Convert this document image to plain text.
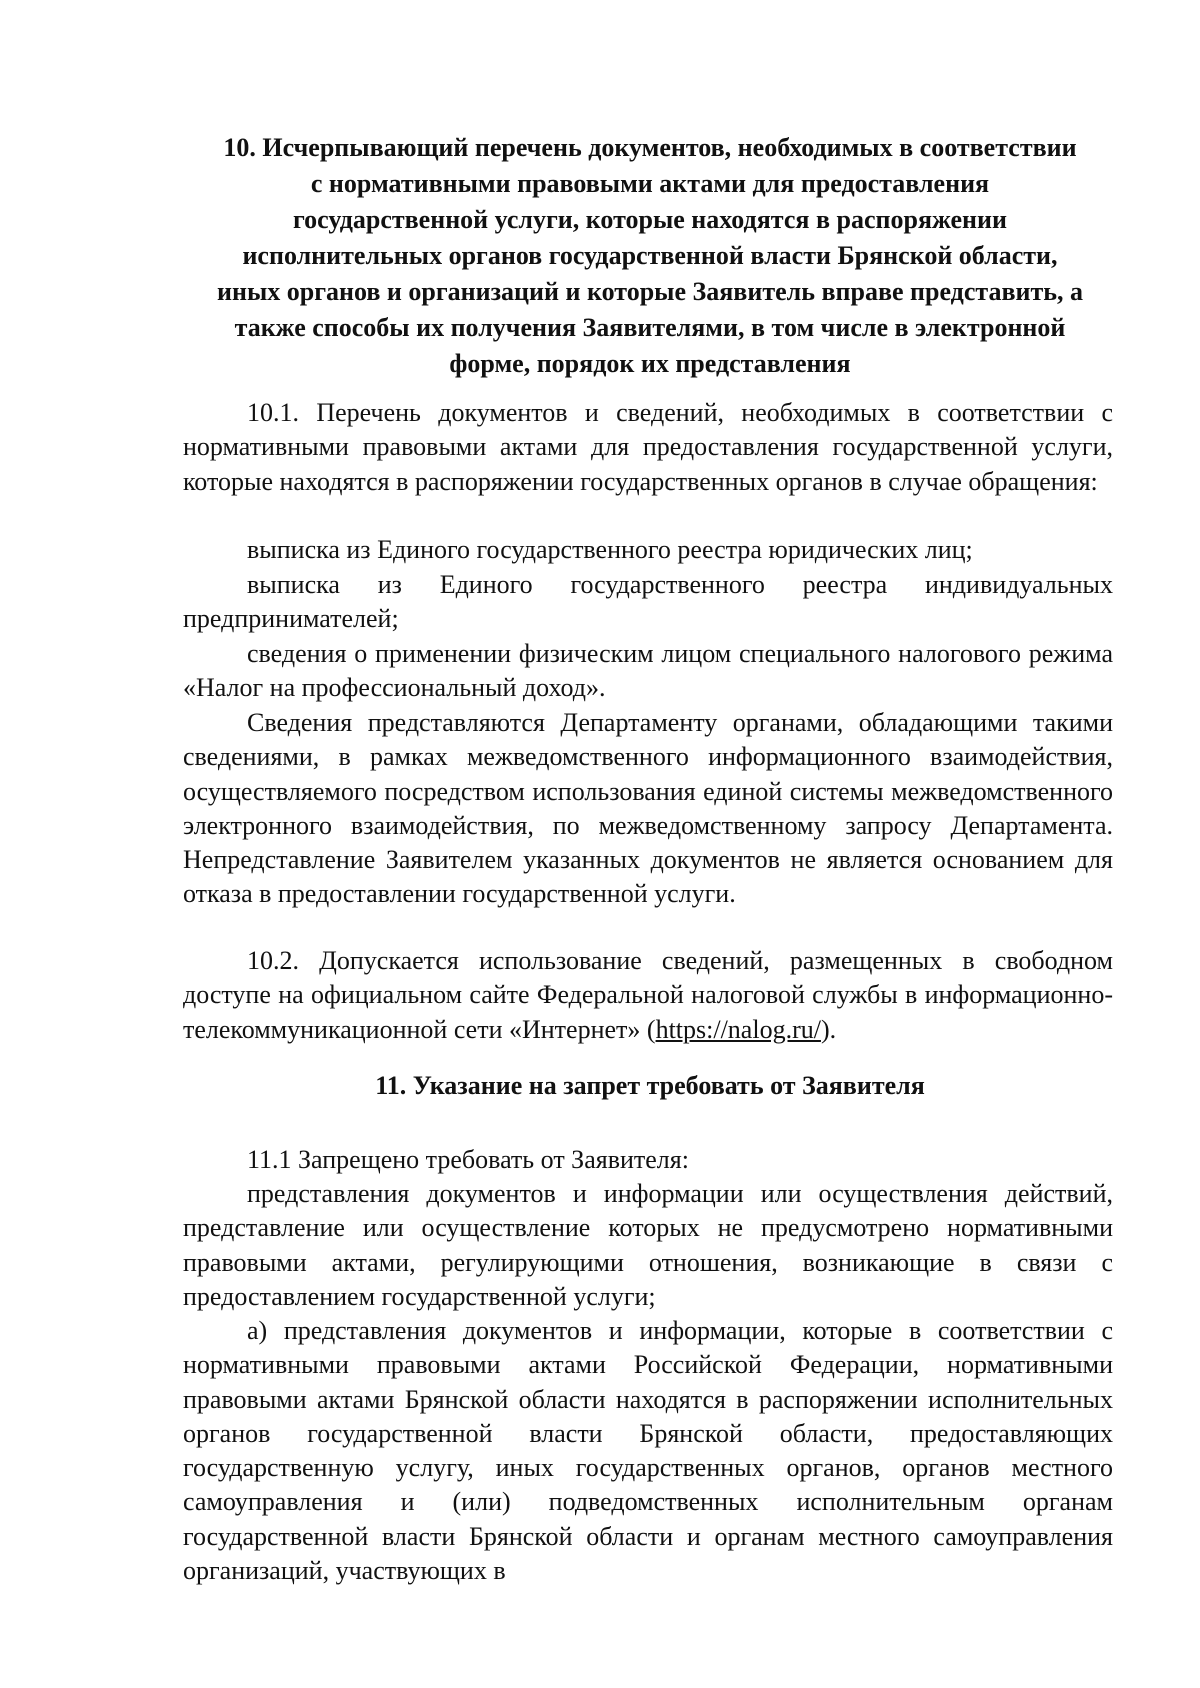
10. Исчерпывающий перечень документов, необходимых в соответствии
с нормативными правовыми актами для предоставления
государственной услуги, которые находятся в распоряжении
исполнительных органов государственной власти Брянской области,
иных органов и организаций и которые Заявитель вправе представить, а
также способы их получения Заявителями, в том числе в электронной
форме, порядок их представления

10.1. Перечень документов и сведений, необходимых в соответствии с нормативными правовыми актами для предоставления государственной услуги, которые находятся в распоряжении государственных органов в случае обращения:

выписка из Единого государственного реестра юридических лиц;

выписка из Единого государственного реестра индивидуальных предпринимателей;

сведения о применении физическим лицом специального налогового режима «Налог на профессиональный доход».

Сведения представляются Департаменту органами, обладающими такими сведениями, в рамках межведомственного информационного взаимодействия, осуществляемого посредством использования единой системы межведомственного электронного взаимодействия, по межведомственному запросу Департамента. Непредставление Заявителем указанных документов не является основанием для отказа в предоставлении государственной услуги.

10.2. Допускается использование сведений, размещенных в свободном доступе на официальном сайте Федеральной налоговой службы в информационно-телекоммуникационной сети «Интернет» (https://nalog.ru/).

11. Указание на запрет требовать от Заявителя

11.1 Запрещено требовать от Заявителя:

представления документов и информации или осуществления действий, представление или осуществление которых не предусмотрено нормативными правовыми актами, регулирующими отношения, возникающие в связи с предоставлением государственной услуги;

а) представления документов и информации, которые в соответствии с нормативными правовыми актами Российской Федерации, нормативными правовыми актами Брянской области находятся в распоряжении исполнительных органов государственной власти Брянской области, предоставляющих государственную услугу, иных государственных органов, органов местного самоуправления и (или) подведомственных исполнительным органам государственной власти Брянской области и органам местного самоуправления организаций, участвующих в
